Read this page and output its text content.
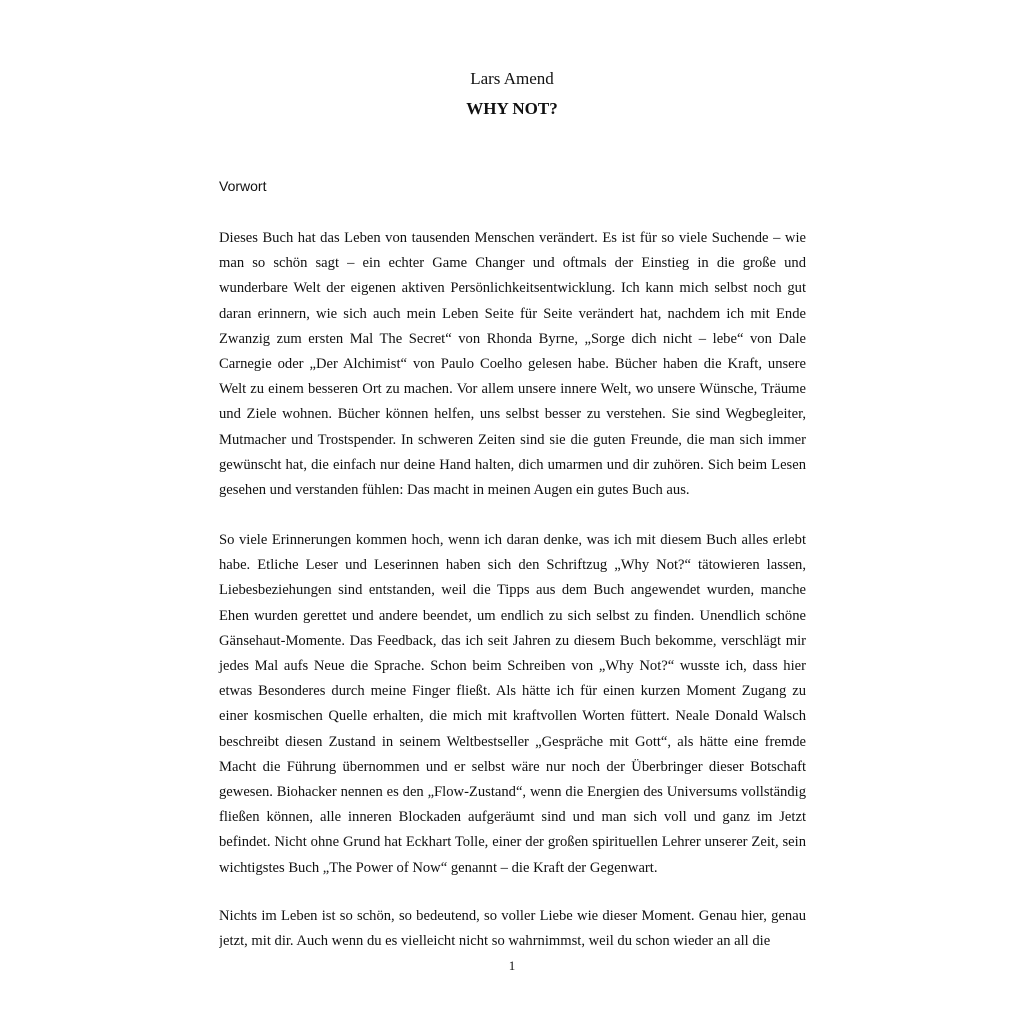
Lars Amend
WHY NOT?
Vorwort

Dieses Buch hat das Leben von tausenden Menschen verändert. Es ist für so viele Suchende – wie man so schön sagt – ein echter Game Changer und oftmals der Einstieg in die große und wunderbare Welt der eigenen aktiven Persönlichkeitsentwicklung. Ich kann mich selbst noch gut daran erinnern, wie sich auch mein Leben Seite für Seite verändert hat, nachdem ich mit Ende Zwanzig zum ersten Mal The Secret“ von Rhonda Byrne, „Sorge dich nicht – lebe“ von Dale Carnegie oder „Der Alchimist“ von Paulo Coelho gelesen habe. Bücher haben die Kraft, unsere Welt zu einem besseren Ort zu machen. Vor allem unsere innere Welt, wo unsere Wünsche, Träume und Ziele wohnen. Bücher können helfen, uns selbst besser zu verstehen. Sie sind Wegbegleiter, Mutmacher und Trostspender. In schweren Zeiten sind sie die guten Freunde, die man sich immer gewünscht hat, die einfach nur deine Hand halten, dich umarmen und dir zuhören. Sich beim Lesen gesehen und verstanden fühlen: Das macht in meinen Augen ein gutes Buch aus.

So viele Erinnerungen kommen hoch, wenn ich daran denke, was ich mit diesem Buch alles erlebt habe. Etliche Leser und Leserinnen haben sich den Schriftzug „Why Not?“ tätowieren lassen, Liebesbeziehungen sind entstanden, weil die Tipps aus dem Buch angewendet wurden, manche Ehen wurden gerettet und andere beendet, um endlich zu sich selbst zu finden. Unendlich schöne Gänsehaut-Momente. Das Feedback, das ich seit Jahren zu diesem Buch bekomme, verschlägt mir jedes Mal aufs Neue die Sprache. Schon beim Schreiben von „Why Not?“ wusste ich, dass hier etwas Besonderes durch meine Finger fließt. Als hätte ich für einen kurzen Moment Zugang zu einer kosmischen Quelle erhalten, die mich mit kraftvollen Worten füttert. Neale Donald Walsch beschreibt diesen Zustand in seinem Weltbestseller „Gespräche mit Gott“, als hätte eine fremde Macht die Führung übernommen und er selbst wäre nur noch der Überbringer dieser Botschaft gewesen. Biohacker nennen es den „Flow-Zustand“, wenn die Energien des Universums vollständig fließen können, alle inneren Blockaden aufgeräumt sind und man sich voll und ganz im Jetzt befindet. Nicht ohne Grund hat Eckhart Tolle, einer der großen spirituellen Lehrer unserer Zeit, sein wichtigstes Buch „The Power of Now“ genannt – die Kraft der Gegenwart.

Nichts im Leben ist so schön, so bedeutend, so voller Liebe wie dieser Moment. Genau hier, genau jetzt, mit dir. Auch wenn du es vielleicht nicht so wahrnimmst, weil du schon wieder an all die

1
